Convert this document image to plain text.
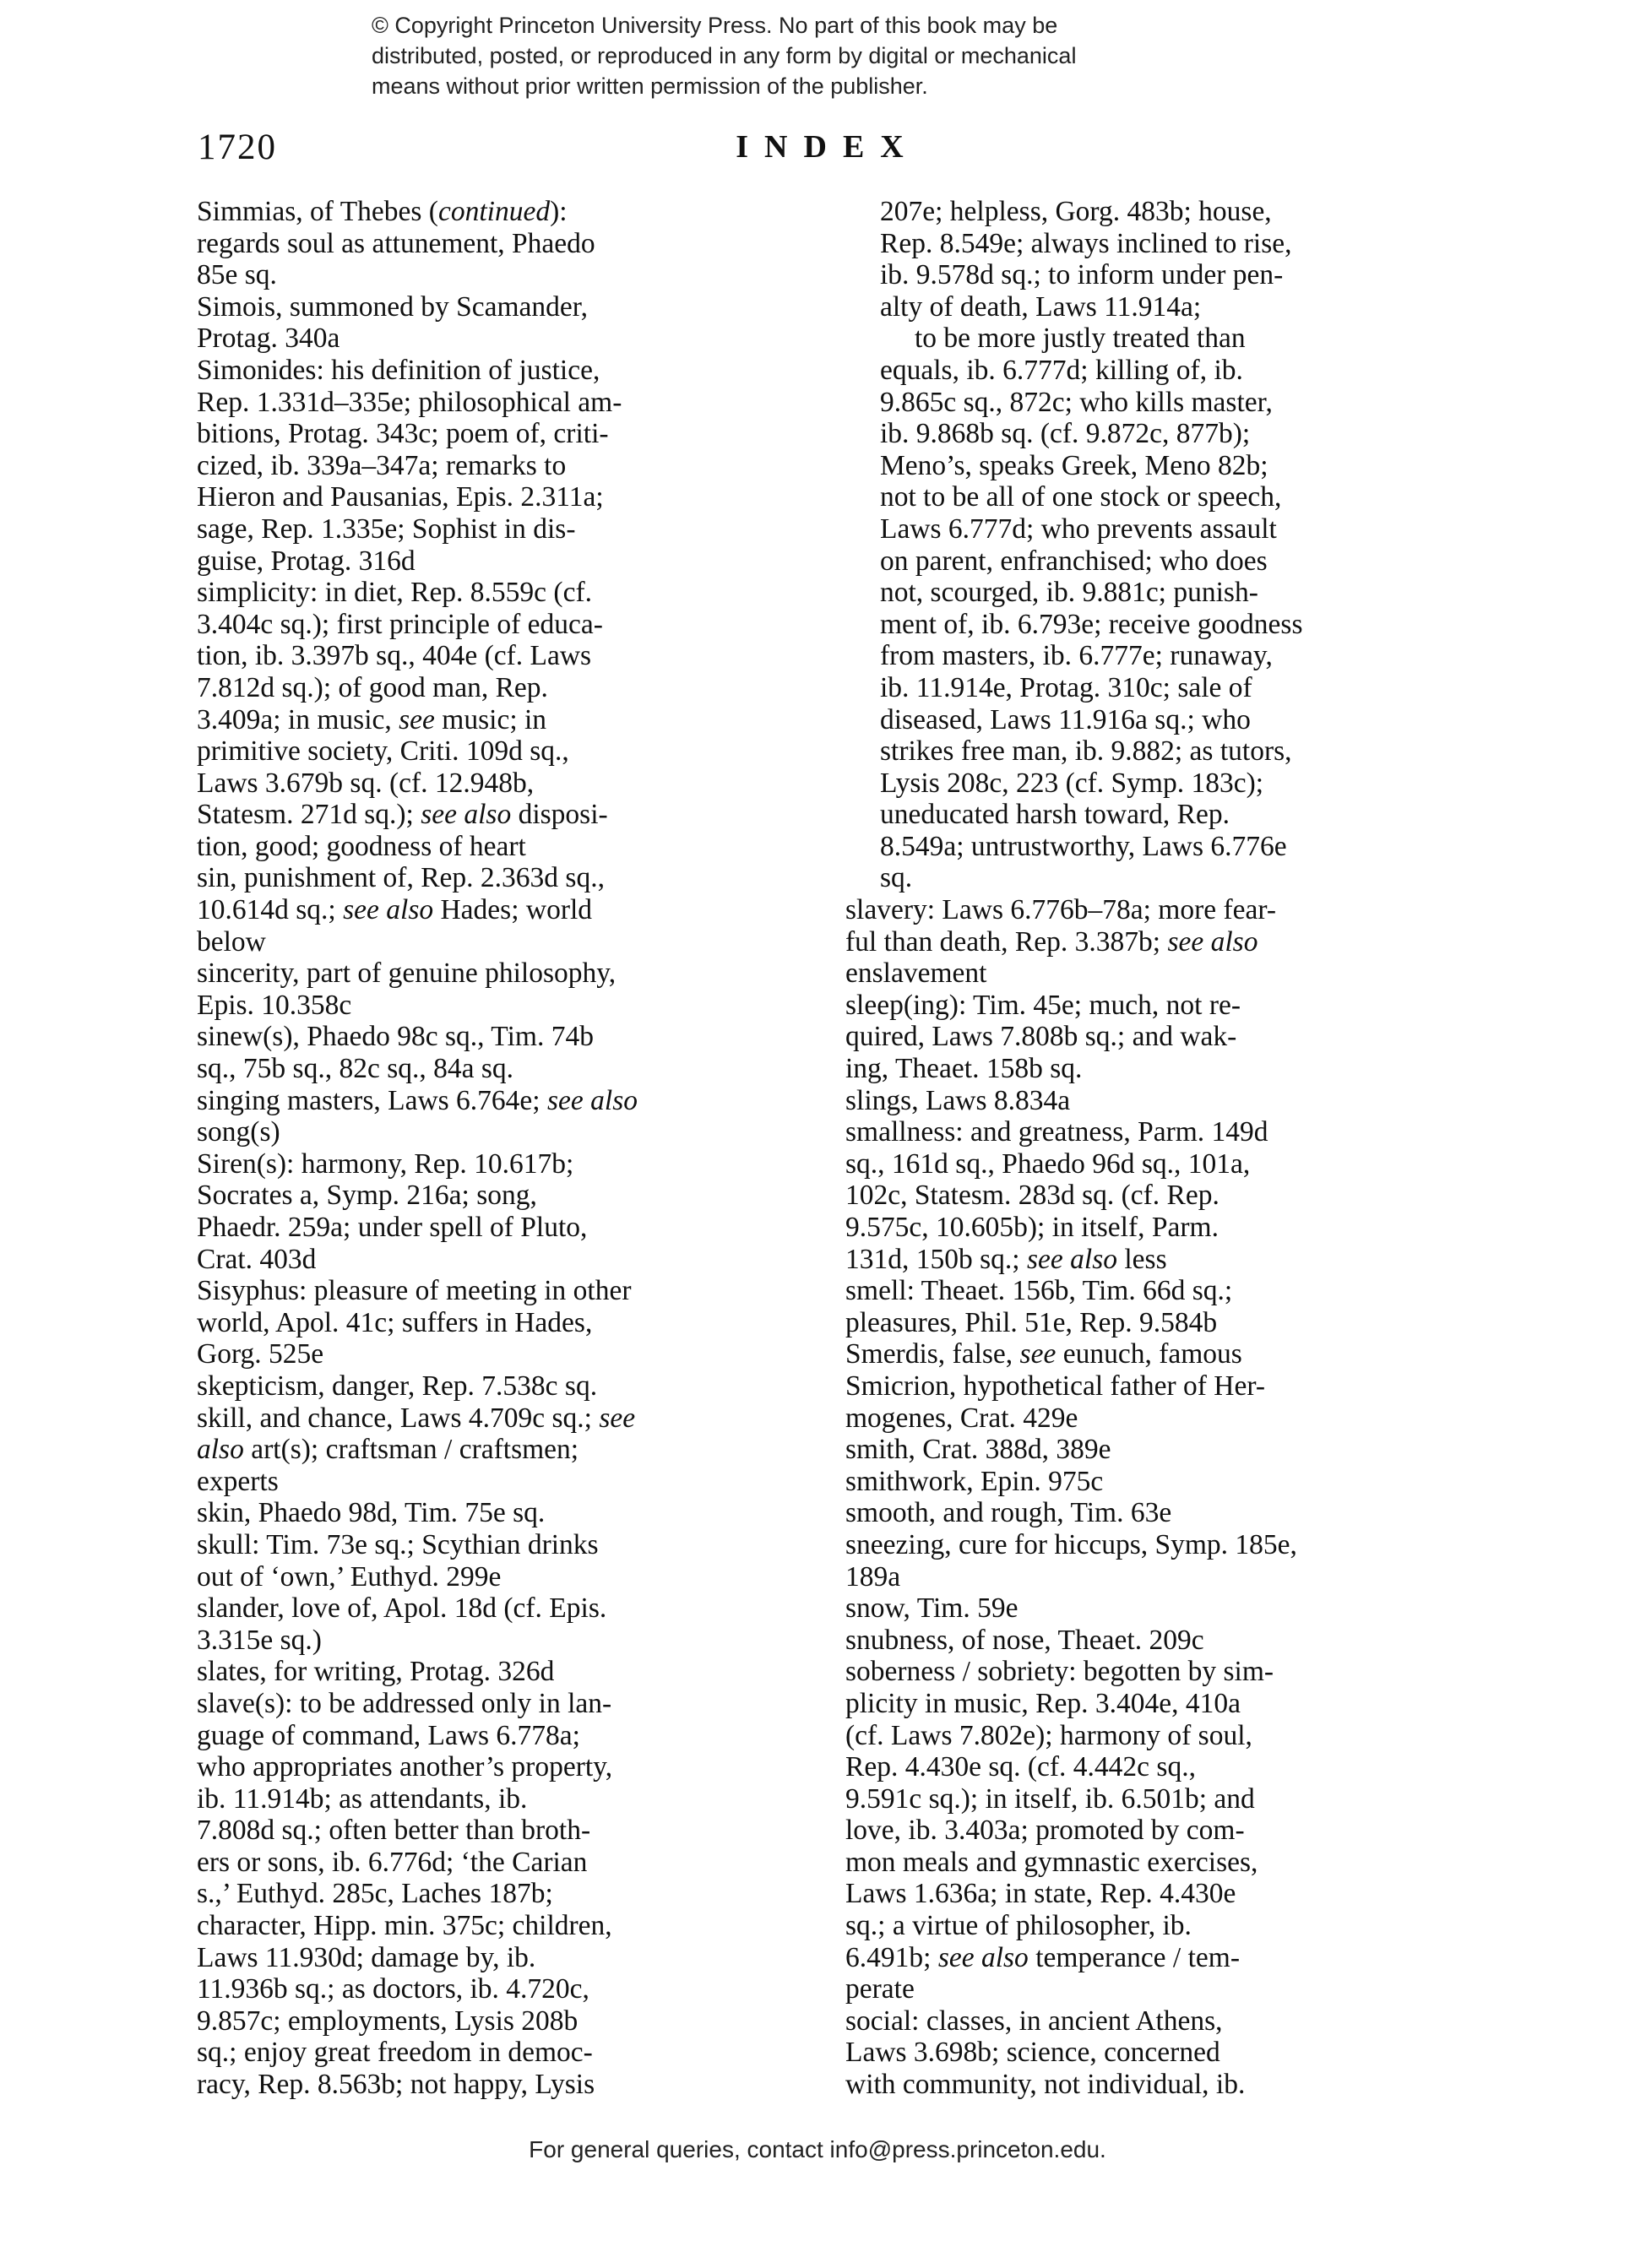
© Copyright Princeton University Press. No part of this book may be
distributed, posted, or reproduced in any form by digital or mechanical
means without prior written permission of the publisher.
1720	INDEX
Simmias, of Thebes (continued):
regards soul as attunement, Phaedo
85e sq.
Simois, summoned by Scamander,
Protag. 340a
Simonides: his definition of justice,
Rep. 1.331d–335e; philosophical am-
bitions, Protag. 343c; poem of, criti-
cized, ib. 339a–347a; remarks to
Hieron and Pausanias, Epis. 2.311a;
sage, Rep. 1.335e; Sophist in dis-
guise, Protag. 316d
simplicity: in diet, Rep. 8.559c (cf.
3.404c sq.); first principle of educa-
tion, ib. 3.397b sq., 404e (cf. Laws
7.812d sq.); of good man, Rep.
3.409a; in music, see music; in
primitive society, Criti. 109d sq.,
Laws 3.679b sq. (cf. 12.948b,
Statesm. 271d sq.); see also disposi-
tion, good; goodness of heart
sin, punishment of, Rep. 2.363d sq.,
10.614d sq.; see also Hades; world
below
sincerity, part of genuine philosophy,
Epis. 10.358c
sinew(s), Phaedo 98c sq., Tim. 74b
sq., 75b sq., 82c sq., 84a sq.
singing masters, Laws 6.764e; see also
song(s)
Siren(s): harmony, Rep. 10.617b;
Socrates a, Symp. 216a; song,
Phaedr. 259a; under spell of Pluto,
Crat. 403d
Sisyphus: pleasure of meeting in other
world, Apol. 41c; suffers in Hades,
Gorg. 525e
skepticism, danger, Rep. 7.538c sq.
skill, and chance, Laws 4.709c sq.; see
also art(s); craftsman / craftsmen;
experts
skin, Phaedo 98d, Tim. 75e sq.
skull: Tim. 73e sq.; Scythian drinks
out of ‘own,’ Euthyd. 299e
slander, love of, Apol. 18d (cf. Epis.
3.315e sq.)
slates, for writing, Protag. 326d
slave(s): to be addressed only in lan-
guage of command, Laws 6.778a;
who appropriates another’s property,
ib. 11.914b; as attendants, ib.
7.808d sq.; often better than broth-
ers or sons, ib. 6.776d; ‘the Carian
s.,’ Euthyd. 285c, Laches 187b;
character, Hipp. min. 375c; children,
Laws 11.930d; damage by, ib.
11.936b sq.; as doctors, ib. 4.720c,
9.857c; employments, Lysis 208b
sq.; enjoy great freedom in democ-
racy, Rep. 8.563b; not happy, Lysis
207e; helpless, Gorg. 483b; house,
Rep. 8.549e; always inclined to rise,
ib. 9.578d sq.; to inform under pen-
alty of death, Laws 11.914a;
to be more justly treated than
equals, ib. 6.777d; killing of, ib.
9.865c sq., 872c; who kills master,
ib. 9.868b sq. (cf. 9.872c, 877b);
Meno’s, speaks Greek, Meno 82b;
not to be all of one stock or speech,
Laws 6.777d; who prevents assault
on parent, enfranchised; who does
not, scourged, ib. 9.881c; punish-
ment of, ib. 6.793e; receive goodness
from masters, ib. 6.777e; runaway,
ib. 11.914e, Protag. 310c; sale of
diseased, Laws 11.916a sq.; who
strikes free man, ib. 9.882; as tutors,
Lysis 208c, 223 (cf. Symp. 183c);
uneducated harsh toward, Rep.
8.549a; untrustworthy, Laws 6.776e
sq.
slavery: Laws 6.776b–78a; more fear-
ful than death, Rep. 3.387b; see also
enslavement
sleep(ing): Tim. 45e; much, not re-
quired, Laws 7.808b sq.; and wak-
ing, Theaet. 158b sq.
slings, Laws 8.834a
smallness: and greatness, Parm. 149d
sq., 161d sq., Phaedo 96d sq., 101a,
102c, Statesm. 283d sq. (cf. Rep.
9.575c, 10.605b); in itself, Parm.
131d, 150b sq.; see also less
smell: Theaet. 156b, Tim. 66d sq.;
pleasures, Phil. 51e, Rep. 9.584b
Smerdis, false, see eunuch, famous
Smicrion, hypothetical father of Her-
mogenes, Crat. 429e
smith, Crat. 388d, 389e
smithwork, Epin. 975c
smooth, and rough, Tim. 63e
sneezing, cure for hiccups, Symp. 185e,
189a
snow, Tim. 59e
snubness, of nose, Theaet. 209c
soberness / sobriety: begotten by sim-
plicity in music, Rep. 3.404e, 410a
(cf. Laws 7.802e); harmony of soul,
Rep. 4.430e sq. (cf. 4.442c sq.,
9.591c sq.); in itself, ib. 6.501b; and
love, ib. 3.403a; promoted by com-
mon meals and gymnastic exercises,
Laws 1.636a; in state, Rep. 4.430e
sq.; a virtue of philosopher, ib.
6.491b; see also temperance / tem-
perate
social: classes, in ancient Athens,
Laws 3.698b; science, concerned
with community, not individual, ib.
For general queries, contact info@press.princeton.edu.
